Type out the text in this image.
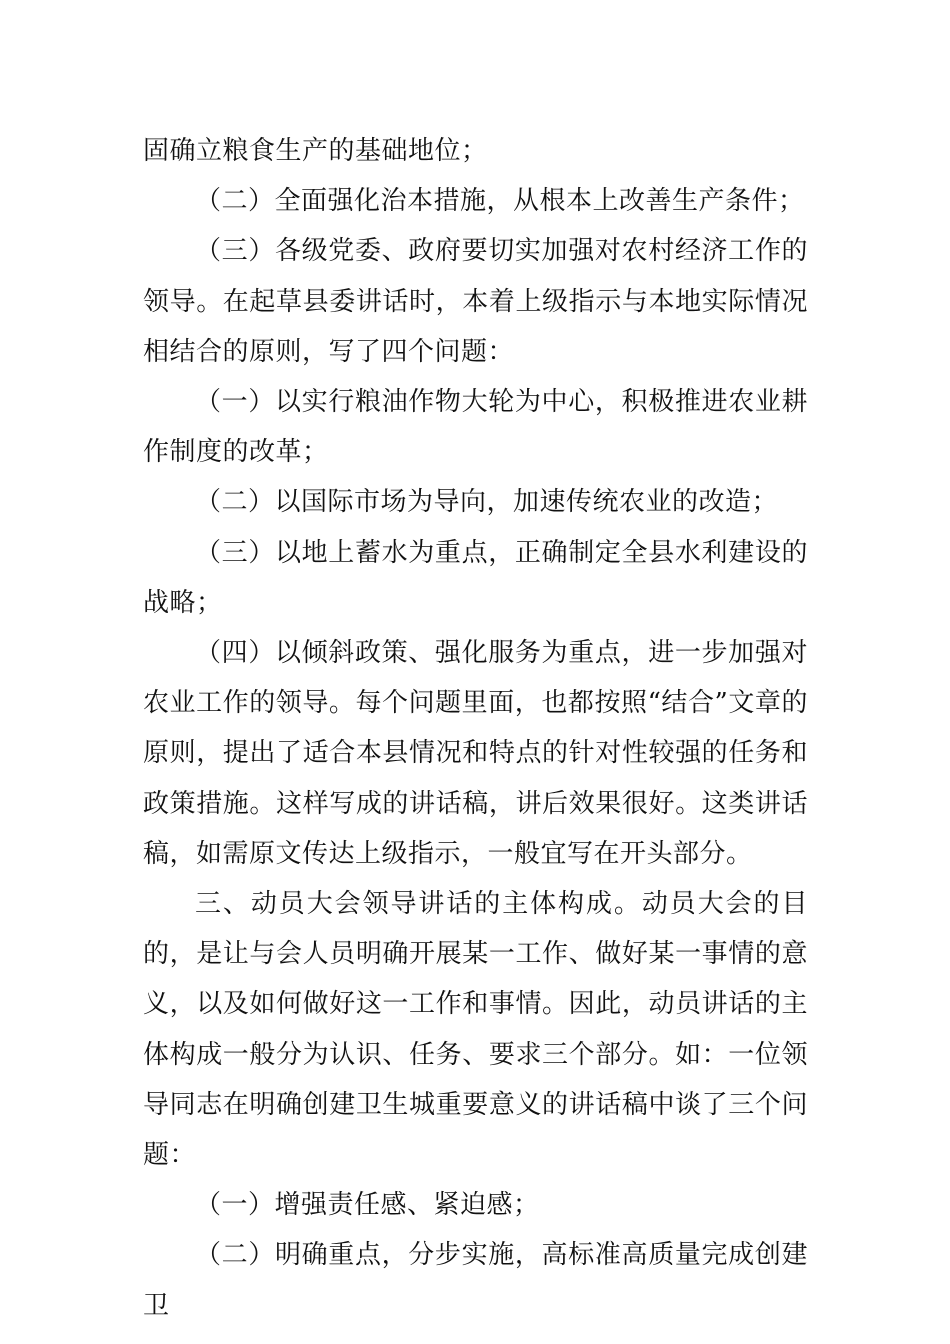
固确立粮食生产的基础地位；

（二）全面强化治本措施，从根本上改善生产条件；

（三）各级党委、政府要切实加强对农村经济工作的领导。在起草县委讲话时，本着上级指示与本地实际情况相结合的原则，写了四个问题：

（一）以实行粮油作物大轮为中心，积极推进农业耕作制度的改革；

（二）以国际市场为导向，加速传统农业的改造；

（三）以地上蓄水为重点，正确制定全县水利建设的战略；

（四）以倾斜政策、强化服务为重点，进一步加强对农业工作的领导。每个问题里面，也都按照“结合”文章的原则，提出了适合本县情况和特点的针对性较强的任务和政策措施。这样写成的讲话稿，讲后效果很好。这类讲话稿，如需原文传达上级指示，一般宜写在开头部分。

三、动员大会领导讲话的主体构成。动员大会的目的，是让与会人员明确开展某一工作、做好某一事情的意义，以及如何做好这一工作和事情。因此，动员讲话的主体构成一般分为认识、任务、要求三个部分。如：一位领导同志在明确创建卫生城重要意义的讲话稿中谈了三个问题：

（一）增强责任感、紧迫感；

（二）明确重点，分步实施，高标准高质量完成创建卫
